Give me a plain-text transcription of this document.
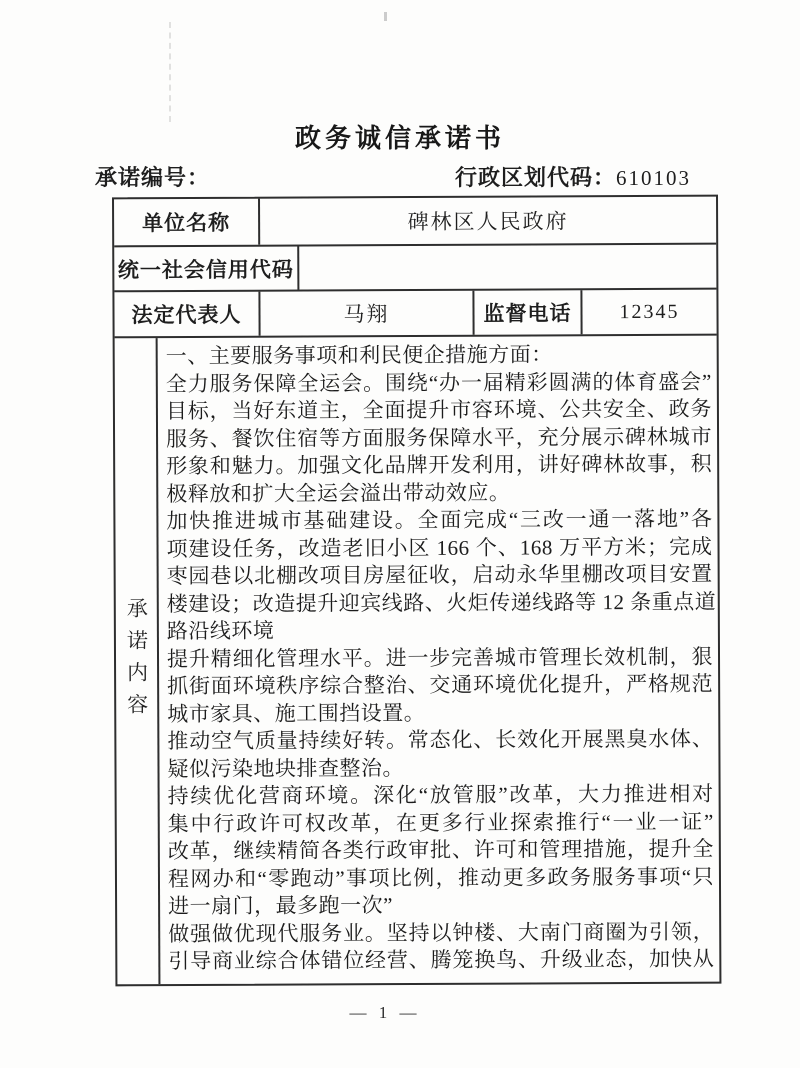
政务诚信承诺书
承诺编号：	行政区划代码：610103
单位名称	碑林区人民政府
统一社会信用代码
法定代表人	马翔	监督电话	12345
承诺内容
一、主要服务事项和利民便企措施方面：
全力服务保障全运会。围绕“办一届精彩圆满的体育盛会”
目标，当好东道主，全面提升市容环境、公共安全、政务
服务、餐饮住宿等方面服务保障水平，充分展示碑林城市
形象和魅力。加强文化品牌开发利用，讲好碑林故事，积
极释放和扩大全运会溢出带动效应。
加快推进城市基础建设。全面完成“三改一通一落地”各
项建设任务，改造老旧小区 166 个、168 万平方米；完成
枣园巷以北棚改项目房屋征收，启动永华里棚改项目安置
楼建设；改造提升迎宾线路、火炬传递线路等 12 条重点道
路沿线环境
提升精细化管理水平。进一步完善城市管理长效机制，狠
抓街面环境秩序综合整治、交通环境优化提升，严格规范
城市家具、施工围挡设置。
推动空气质量持续好转。常态化、长效化开展黑臭水体、
疑似污染地块排查整治。
持续优化营商环境。深化“放管服”改革，大力推进相对
集中行政许可权改革，在更多行业探索推行“一业一证”
改革，继续精简各类行政审批、许可和管理措施，提升全
程网办和“零跑动”事项比例，推动更多政务服务事项“只
进一扇门，最多跑一次”
做强做优现代服务业。坚持以钟楼、大南门商圈为引领，
引导商业综合体错位经营、腾笼换鸟、升级业态，加快从
— 1 —
